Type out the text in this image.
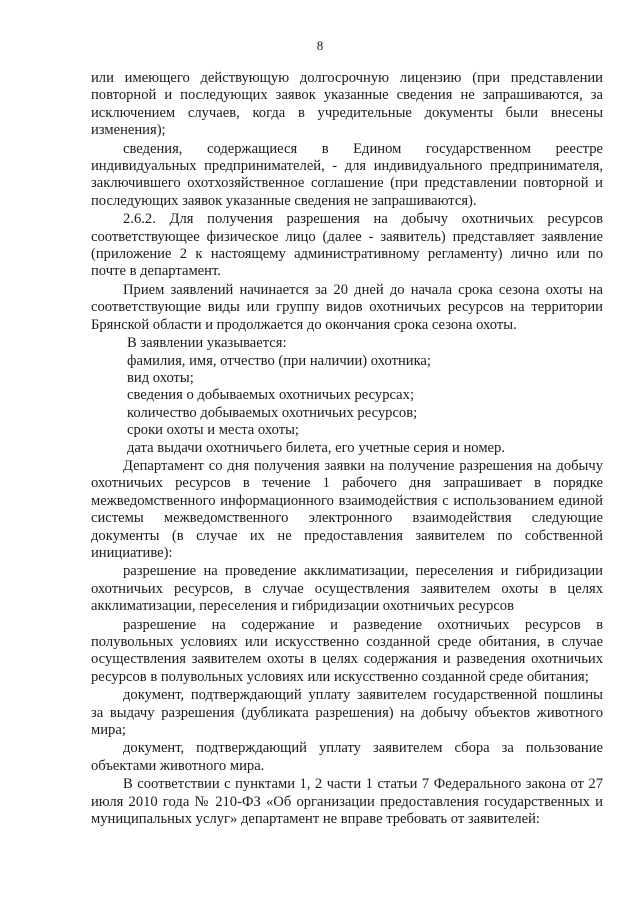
8

или имеющего действующую долгосрочную лицензию (при представлении повторной и последующих заявок указанные сведения не запрашиваются, за исключением случаев, когда в учредительные документы были внесены изменения);

сведения, содержащиеся в Едином государственном реестре индивидуальных предпринимателей, - для индивидуального предпринимателя, заключившего охотхозяйственное соглашение (при представлении повторной и последующих заявок указанные сведения не запрашиваются).

2.6.2. Для получения разрешения на добычу охотничьих ресурсов соответствующее физическое лицо (далее - заявитель) представляет заявление (приложение 2 к настоящему административному регламенту) лично или по почте в департамент.

Прием заявлений начинается за 20 дней до начала срока сезона охоты на соответствующие виды или группу видов охотничьих ресурсов на территории Брянской области и продолжается до окончания срока сезона охоты.

В заявлении указывается:

фамилия, имя, отчество (при наличии) охотника;

вид охоты;

сведения о добываемых охотничьих ресурсах;

количество добываемых охотничьих ресурсов;

сроки охоты и места охоты;

дата выдачи охотничьего билета, его учетные серия и номер.

Департамент со дня получения заявки на получение разрешения на добычу охотничьих ресурсов в течение 1 рабочего дня запрашивает в порядке межведомственного информационного взаимодействия с использованием единой системы межведомственного электронного взаимодействия следующие документы (в случае их не предоставления заявителем по собственной инициативе):

разрешение на проведение акклиматизации, переселения и гибридизации охотничьих ресурсов, в случае осуществления заявителем охоты в целях акклиматизации, переселения и гибридизации охотничьих ресурсов

разрешение на содержание и разведение охотничьих ресурсов в полувольных условиях или искусственно созданной среде обитания, в случае осуществления заявителем охоты в целях содержания и разведения охотничьих ресурсов в полувольных условиях или искусственно созданной среде обитания;

документ, подтверждающий уплату заявителем государственной пошлины за выдачу разрешения (дубликата разрешения) на добычу объектов животного мира;

документ, подтверждающий уплату заявителем сбора за пользование объектами животного мира.

В соответствии с пунктами 1, 2 части 1 статьи 7 Федерального закона от 27 июля 2010 года № 210-ФЗ «Об организации предоставления государственных и муниципальных услуг» департамент не вправе требовать от заявителей:
